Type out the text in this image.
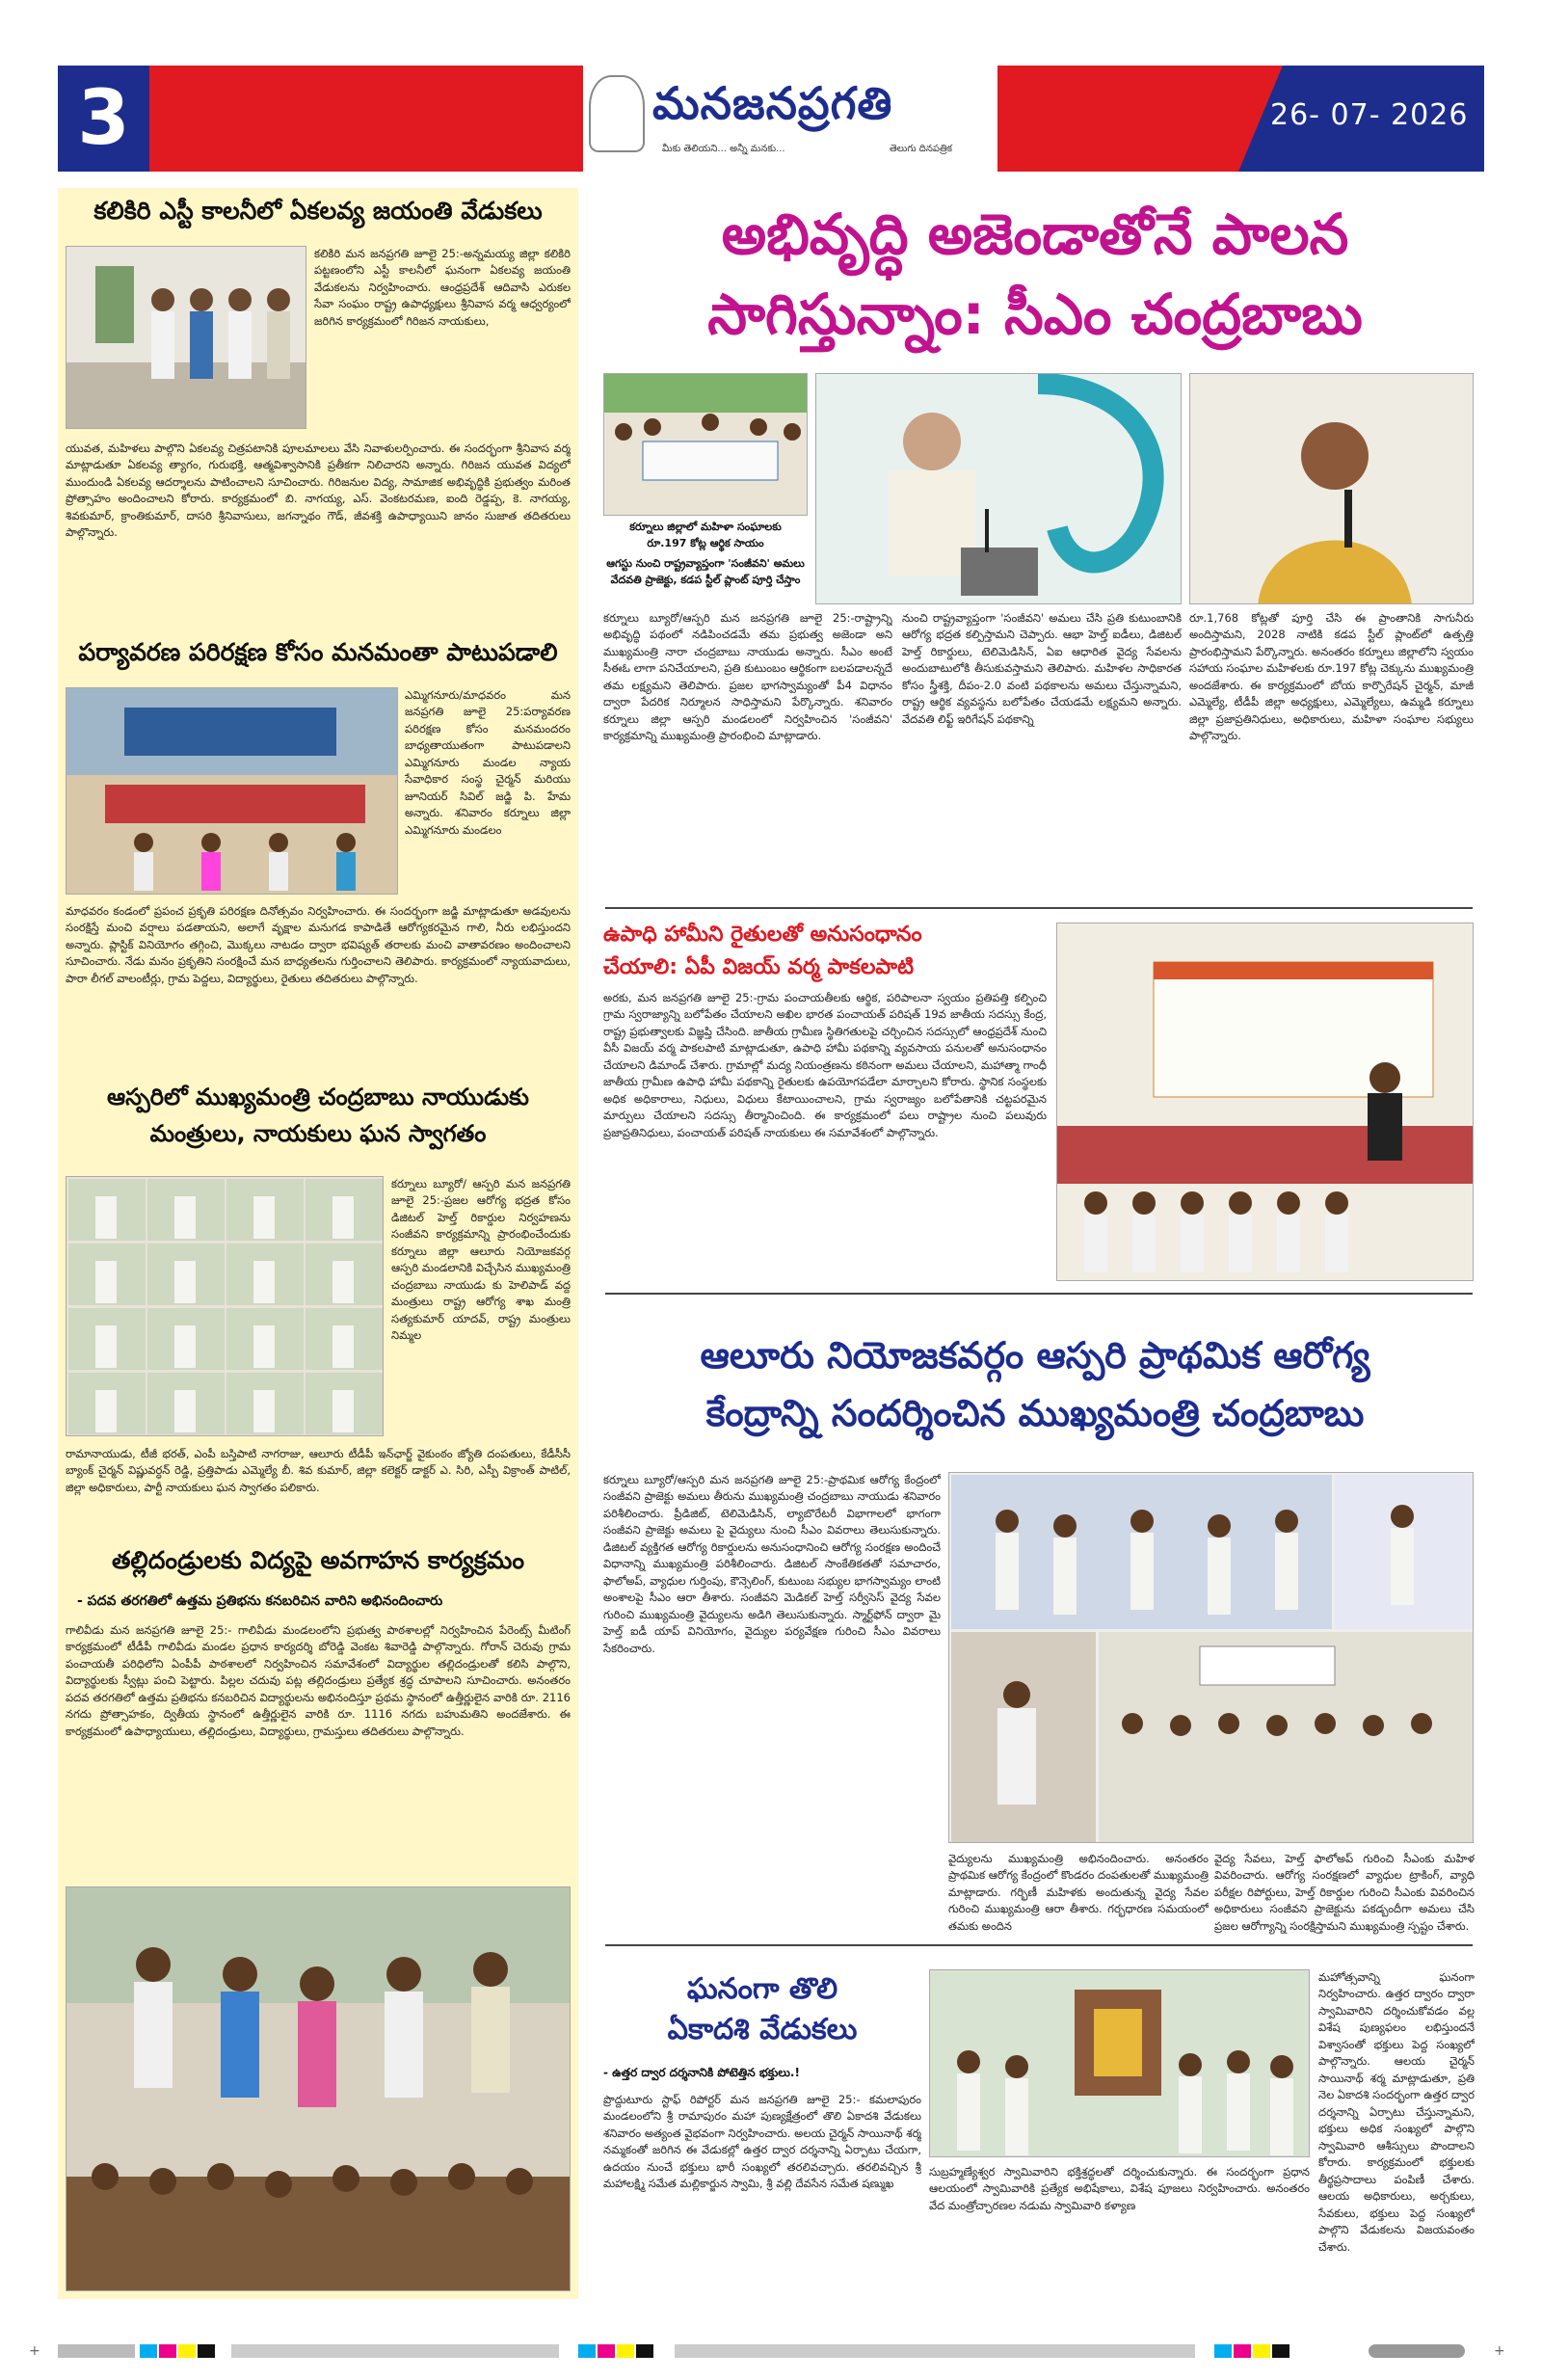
3	మనజనప్రగతి
మీకు తెలియని... అన్నీ మనకు...	తెలుగు దినపత్రిక
26- 07- 2026
కలికిరి ఎస్టీ కాలనీలో ఏకలవ్య జయంతి వేడుకలు
కలికిరి మన జనప్రగతి జూలై 25:-అన్నమయ్య జిల్లా కలికిరి పట్టణంలోని ఎస్టీ కాలనీలో ఘనంగా ఏకలవ్య జయంతి వేడుకలను నిర్వహించారు. ఆంధ్రప్రదేశ్ ఆదివాసి ఎరుకల సేవా సంఘం రాష్ట్ర ఉపాధ్యక్షులు శ్రీనివాస వర్మ ఆధ్వర్యంలో జరిగిన కార్యక్రమంలో గిరిజన నాయకులు,
యువత, మహిళలు పాల్గొని ఏకలవ్య చిత్రపటానికి పూలమాలలు వేసి నివాళులర్పించారు. ఈ సందర్భంగా శ్రీనివాస వర్మ మాట్లాడుతూ ఏకలవ్య త్యాగం, గురుభక్తి, ఆత్మవిశ్వాసానికి ప్రతీకగా నిలిచారని అన్నారు. గిరిజన యువత విద్యలో ముందుండి ఏకలవ్య ఆదర్శాలను పాటించాలని సూచించారు. గిరిజనుల విద్య, సామాజిక అభివృద్ధికి ప్రభుత్వం మరింత ప్రోత్సాహం అందించాలని కోరారు. కార్యక్రమంలో బి. నాగయ్య, ఎస్. వెంకటరమణ, ఐంది రెడ్డప్ప, కె. నాగయ్య, శివకుమార్, క్రాంతికుమార్, దాసరి శ్రీనివాసులు, జగన్నాథం గౌడ్, జీవశక్తి ఉపాధ్యాయిని జానం సుజాత తదితరులు పాల్గొన్నారు.
పర్యావరణ పరిరక్షణ కోసం మనమంతా పాటుపడాలి
ఎమ్మిగనూరు/మాధవరం మన జనప్రగతి జూలై 25:పర్యావరణ పరిరక్షణ కోసం మనమందరం బాధ్యతాయుతంగా పాటుపడాలని ఎమ్మిగనూరు మండల న్యాయ సేవాధికార సంస్థ చైర్మన్ మరియు జూనియర్ సివిల్ జడ్జి పి. హేమ అన్నారు. శనివారం కర్నూలు జిల్లా ఎమ్మిగనూరు మండలం
మాధవరం కండంలో ప్రపంచ ప్రకృతి పరిరక్షణ దినోత్సవం నిర్వహించారు. ఈ సందర్భంగా జడ్జి మాట్లాడుతూ అడవులను సంరక్షిస్తే మంచి వర్షాలు పడతాయని, అలాగే వృక్షాల మనుగడ కాపాడితే ఆరోగ్యకరమైన గాలి, నీరు లభిస్తుందని అన్నారు. ప్లాస్టిక్ వినియోగం తగ్గించి, మొక్కలు నాటడం ద్వారా భవిష్యత్ తరాలకు మంచి వాతావరణం అందించాలని సూచించారు. నేడు మనం ప్రకృతిని సంరక్షించే మన బాధ్యతలను గుర్తించాలని తెలిపారు. కార్యక్రమంలో న్యాయవాదులు, పారా లీగల్ వాలంటీర్లు, గ్రామ పెద్దలు, విద్యార్థులు, రైతులు తదితరులు పాల్గొన్నారు.
ఆస్పరిలో ముఖ్యమంత్రి చంద్రబాబు నాయుడుకు
మంత్రులు, నాయకులు ఘన స్వాగతం
కర్నూలు బ్యూరో/ ఆస్పరి మన జనప్రగతి జూలై 25:-ప్రజల ఆరోగ్య భద్రత కోసం డిజిటల్ హెల్త్ రికార్డుల నిర్వహణను సంజీవని కార్యక్రమాన్ని ప్రారంభించేందుకు కర్నూలు జిల్లా ఆలూరు నియోజకవర్గ ఆస్పరి మండలానికి విచ్చేసిన ముఖ్యమంత్రి చంద్రబాబు నాయుడు కు హెలిపాడ్ వద్ద మంత్రులు రాష్ట్ర ఆరోగ్య శాఖ మంత్రి సత్యకుమార్ యాదవ్, రాష్ట్ర మంత్రులు నిమ్మల
రామానాయుడు, టీజీ భరత్, ఎంపీ బస్తిపాటి నాగరాజు, ఆలూరు టీడీపీ ఇన్‌ఛార్జ్ వైకుంఠం జ్యోతి దంపతులు, కేడీసీసీ బ్యాంక్ చైర్మన్ విష్ణువర్ధన్ రెడ్డి, ప్రత్తిపాడు ఎమ్మెల్యే బీ. శివ కుమార్, జిల్లా కలెక్టర్ డాక్టర్ ఎ. సిరి, ఎస్పీ విక్రాంత్ పాటిల్, జిల్లా అధికారులు, పార్టీ నాయకులు ఘన స్వాగతం పలికారు.
తల్లిదండ్రులకు విద్యపై అవగాహన కార్యక్రమం
- పదవ తరగతిలో ఉత్తమ ప్రతిభను కనబరిచిన వారిని అభినందించారు
గాలివీడు మన జనప్రగతి జూలై 25:- గాలివీడు మండలంలోని ప్రభుత్వ పాఠశాలల్లో నిర్వహించిన పేరెంట్స్ మీటింగ్ కార్యక్రమంలో టీడీపీ గాలివీడు మండల ప్రధాన కార్యదర్శి బోరెడ్డి వెంకట శివారెడ్డి పాల్గొన్నారు. గోరాన్ చెరువు గ్రామ పంచాయతీ పరిధిలోని ఏంపీపీ పాఠశాలలో నిర్వహించిన సమావేశంలో విద్యార్థుల తల్లిదండ్రులతో కలిసి పాల్గొని, విద్యార్థులకు స్వీట్లు పంచి పెట్టారు. పిల్లల చదువు పట్ల తల్లిదండ్రులు ప్రత్యేక శ్రద్ధ చూపాలని సూచించారు. అనంతరం పదవ తరగతిలో ఉత్తమ ప్రతిభను కనబరిచిన విద్యార్థులను అభినందిస్తూ ప్రథమ స్థానంలో ఉత్తీర్ణులైన వారికి రూ. 2116 నగదు ప్రోత్సాహకం, ద్వితీయ స్థానంలో ఉత్తీర్ణులైన వారికి రూ. 1116 నగదు బహుమతిని అందజేశారు. ఈ కార్యక్రమంలో ఉపాధ్యాయులు, తల్లిదండ్రులు, విద్యార్థులు, గ్రామస్తులు తదితరులు పాల్గొన్నారు.
అభివృద్ధి అజెండాతోనే పాలన
సాగిస్తున్నాం: సీఎం చంద్రబాబు
కర్నూలు జిల్లాలో మహిళా సంఘాలకు
రూ.197 కోట్ల ఆర్థిక సాయం
ఆగస్టు నుంచి రాష్ట్రవ్యాప్తంగా 'సంజీవని' అమలు
వేదవతి ప్రాజెక్టు, కడప స్టీల్ ప్లాంట్ పూర్తి చేస్తాం
కర్నూలు బ్యూరో/ఆస్పరి మన జనప్రగతి జూలై 25:-రాష్ట్రాన్ని అభివృద్ధి పథంలో నడిపించడమే తమ ప్రభుత్వ అజెండా అని ముఖ్యమంత్రి నారా చంద్రబాబు నాయుడు అన్నారు. సీఎం అంటే సీఈఓ లాగా పనిచేయాలని, ప్రతి కుటుంబం ఆర్థికంగా బలపడాలన్నదే తమ లక్ష్యమని తెలిపారు. ప్రజల భాగస్వామ్యంతో పీ4 విధానం ద్వారా పేదరిక నిర్మూలన సాధిస్తామని పేర్కొన్నారు. శనివారం కర్నూలు జిల్లా ఆస్పరి మండలంలో నిర్వహించిన 'సంజీవని' కార్యక్రమాన్ని ముఖ్యమంత్రి ప్రారంభించి మాట్లాడారు.
నుంచి రాష్ట్రవ్యాప్తంగా 'సంజీవని' అమలు చేసి ప్రతి కుటుంబానికి ఆరోగ్య భద్రత కల్పిస్తామని చెప్పారు. ఆభా హెల్త్ ఐడీలు, డిజిటల్ హెల్త్ రికార్డులు, టెలిమెడిసిన్, ఏఐ ఆధారిత వైద్య సేవలను అందుబాటులోకి తీసుకువస్తామని తెలిపారు. మహిళల సాధికారత కోసం స్త్రీశక్తి, దీపం-2.0 వంటి పథకాలను అమలు చేస్తున్నామని, రాష్ట్ర ఆర్థిక వ్యవస్థను బలోపేతం చేయడమే లక్ష్యమని అన్నారు. వేదవతి లిఫ్ట్ ఇరిగేషన్ పథకాన్ని
రూ.1,768 కోట్లతో పూర్తి చేసి ఈ ప్రాంతానికి సాగునీరు అందిస్తామని, 2028 నాటికి కడప స్టీల్ ప్లాంట్‌లో ఉత్పత్తి ప్రారంభిస్తామని పేర్కొన్నారు. అనంతరం కర్నూలు జిల్లాలోని స్వయం సహాయ సంఘాల మహిళలకు రూ.197 కోట్ల చెక్కును ముఖ్యమంత్రి అందజేశారు. ఈ కార్యక్రమంలో బోయ కార్పొరేషన్ చైర్మన్, మాజీ ఎమ్మెల్యే, టీడీపీ జిల్లా అధ్యక్షులు, ఎమ్మెల్యేలు, ఉమ్మడి కర్నూలు జిల్లా ప్రజాప్రతినిధులు, అధికారులు, మహిళా సంఘాల సభ్యులు పాల్గొన్నారు.
ఉపాధి హామీని రైతులతో అనుసంధానం
చేయాలి: ఏపీ విజయ్ వర్మ పాకలపాటి
అరకు, మన జనప్రగతి జూలై 25:-గ్రామ పంచాయతీలకు ఆర్థిక, పరిపాలనా స్వయం ప్రతిపత్తి కల్పించి గ్రామ స్వరాజ్యాన్ని బలోపేతం చేయాలని అఖిల భారత పంచాయత్ పరిషత్ 19వ జాతీయ సదస్సు కేంద్ర, రాష్ట్ర ప్రభుత్వాలకు విజ్ఞప్తి చేసింది. జాతీయ గ్రామీణ స్థితిగతులపై చర్చించిన సదస్సులో ఆంధ్రప్రదేశ్ నుంచి వీసీ విజయ్ వర్మ పాకలపాటి మాట్లాడుతూ, ఉపాధి హామీ పథకాన్ని వ్యవసాయ పనులతో అనుసంధానం చేయాలని డిమాండ్ చేశారు. గ్రామాల్లో మద్య నియంత్రణను కఠినంగా అమలు చేయాలని, మహాత్మా గాంధీ జాతీయ గ్రామీణ ఉపాధి హామీ పథకాన్ని రైతులకు ఉపయోగపడేలా మార్చాలని కోరారు. స్థానిక సంస్థలకు అధిక అధికారాలు, నిధులు, విధులు కేటాయించాలని, గ్రామ స్వరాజ్యం బలోపేతానికి చట్టపరమైన మార్పులు చేయాలని సదస్సు తీర్మానించింది. ఈ కార్యక్రమంలో పలు రాష్ట్రాల నుంచి పలువురు ప్రజాప్రతినిధులు, పంచాయత్ పరిషత్ నాయకులు ఈ సమావేశంలో పాల్గొన్నారు.
ఆలూరు నియోజకవర్గం ఆస్పరి ప్రాథమిక ఆరోగ్య
కేంద్రాన్ని సందర్శించిన ముఖ్యమంత్రి చంద్రబాబు
కర్నూలు బ్యూరో/ఆస్పరి మన జనప్రగతి జూలై 25:-ప్రాథమిక ఆరోగ్య కేంద్రంలో సంజీవని ప్రాజెక్టు అమలు తీరును ముఖ్యమంత్రి చంద్రబాబు నాయుడు శనివారం పరిశీలించారు. ప్రీడిజిట్, టెలిమెడిసిన్, ల్యాబొరేటరీ విభాగాలలో భాగంగా సంజీవని ప్రాజెక్టు అమలు పై వైద్యులు నుంచి సీఎం వివరాలు తెలుసుకున్నారు. డిజిటల్ వ్యక్తిగత ఆరోగ్య రికార్డులను అనుసంధానించి ఆరోగ్య సంరక్షణ అందించే విధానాన్ని ముఖ్యమంత్రి పరిశీలించారు. డిజిటల్ సాంకేతికతతో సమాచారం, ఫాలోఅప్, వ్యాధుల గుర్తింపు, కౌన్సెలింగ్, కుటుంబ సభ్యుల భాగస్వామ్యం లాంటి అంశాలపై సీఎం ఆరా తీశారు. సంజీవని మెడికల్ హెల్త్ సర్వీసెస్ వైద్య సేవల గురించి ముఖ్యమంత్రి వైద్యులను అడిగి తెలుసుకున్నారు. స్మార్ట్‌ఫోన్ ద్వారా మై హెల్త్ ఐడీ యాప్ వినియోగం, వైద్యుల పర్యవేక్షణ గురించి సీఎం వివరాలు సేకరించారు.
వైద్యులను ముఖ్యమంత్రి అభినందించారు. అనంతరం ప్రాథమిక ఆరోగ్య కేంద్రంలో కొండరం దంపతులతో ముఖ్యమంత్రి మాట్లాడారు. గర్భిణీ మహిళకు అందుతున్న వైద్య సేవల గురించి ముఖ్యమంత్రి ఆరా తీశారు. గర్భధారణ సమయంలో తమకు అందిన
వైద్య సేవలు, హెల్త్ ఫాలోఅప్ గురించి సీఎంకు మహిళ వివరించారు. ఆరోగ్య సంరక్షణలో వ్యాధుల ట్రాకింగ్, వ్యాధి పరీక్షల రిపోర్టులు, హెల్త్ రికార్డుల గురించి సీఎంకు వివరించిన అధికారులు సంజీవని ప్రాజెక్టును పకడ్బందీగా అమలు చేసి ప్రజల ఆరోగ్యాన్ని సంరక్షిస్తామని ముఖ్యమంత్రి స్పష్టం చేశారు.
ఘనంగా తొలి
ఏకాదశి వేడుకలు
- ఉత్తర ద్వార దర్శనానికి పోటెత్తిన భక్తులు.!
ప్రొద్దుటూరు స్టాఫ్ రిపోర్టర్ మన జనప్రగతి జూలై 25:- కమలాపురం మండలంలోని శ్రీ రామాపురం మహా పుణ్యక్షేత్రంలో తొలి ఏకాదశి వేడుకలు శనివారం అత్యంత వైభవంగా నిర్వహించారు. అలయ చైర్మన్ సాయినాథ్ శర్మ నమ్మకంతో జరిగిన ఈ వేడుకల్లో ఉత్తర ద్వార దర్శనాన్ని ఏర్పాటు చేయగా, ఉదయం నుంచే భక్తులు భారీ సంఖ్యలో తరలివచ్చారు. తరలివచ్చిన శ్రీ మహాలక్ష్మి సమేత మల్లికార్జున స్వామి, శ్రీ వల్లి దేవసేన సమేత షణ్ముఖ
సుబ్రహ్మణ్యేశ్వర స్వామివారిని భక్తిశ్రద్ధలతో దర్శించుకున్నారు. ఈ సందర్భంగా ప్రధాన ఆలయంలో స్వామివారికి ప్రత్యేక అభిషేకాలు, విశేష పూజలు నిర్వహించారు. అనంతరం వేద మంత్రోచ్ఛారణల నడుమ స్వామివారి కళ్యాణ
మహోత్సవాన్ని ఘనంగా నిర్వహించారు. ఉత్తర ద్వారం ద్వారా స్వామివారిని దర్శించుకోవడం వల్ల విశేష పుణ్యఫలం లభిస్తుందనే విశ్వాసంతో భక్తులు పెద్ద సంఖ్యలో పాల్గొన్నారు. ఆలయ చైర్మన్ సాయినాథ్ శర్మ మాట్లాడుతూ, ప్రతి నెల ఏకాదశి సందర్భంగా ఉత్తర ద్వార దర్శనాన్ని ఏర్పాటు చేస్తున్నామని, భక్తులు అధిక సంఖ్యలో పాల్గొని స్వామివారి ఆశీస్సులు పొందాలని కోరారు. కార్యక్రమంలో భక్తులకు తీర్థప్రసాదాలు పంపిణీ చేశారు. ఆలయ అధికారులు, అర్చకులు, సేవకులు, భక్తులు పెద్ద సంఖ్యలో పాల్గొని వేడుకలను విజయవంతం చేశారు.
+	+
